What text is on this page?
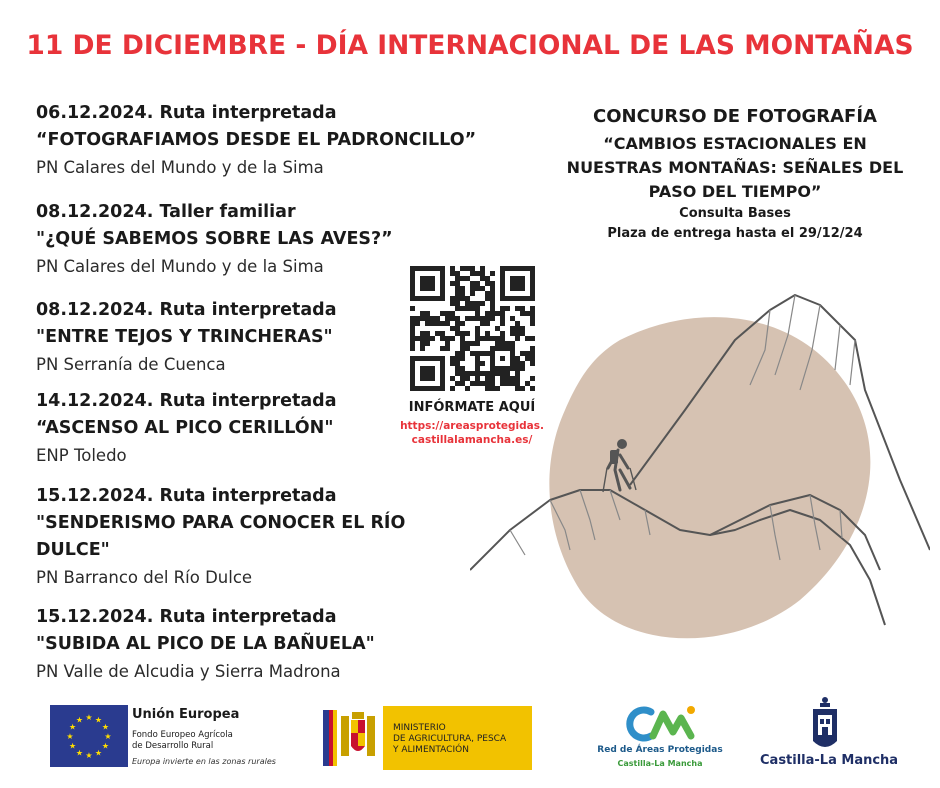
11 DE DICIEMBRE - DÍA INTERNACIONAL DE LAS MONTAÑAS
06.12.2024. Ruta interpretada
“FOTOGRAFIAMOS DESDE EL PADRONCILLO”
PN Calares del Mundo y de la Sima
08.12.2024. Taller familiar
"¿QUÉ SABEMOS SOBRE LAS AVES?”
PN Calares del Mundo y de la Sima
08.12.2024. Ruta interpretada
"ENTRE TEJOS Y TRINCHERAS"
PN Serranía de Cuenca
14.12.2024. Ruta interpretada
“ASCENSO AL PICO CERILLÓN"
ENP Toledo
15.12.2024. Ruta interpretada
"SENDERISMO PARA CONOCER EL RÍO
DULCE"
PN Barranco del Río Dulce
15.12.2024. Ruta interpretada
"SUBIDA AL PICO DE LA BAÑUELA"
PN Valle de Alcudia y Sierra Madrona
CONCURSO DE FOTOGRAFÍA
“CAMBIOS ESTACIONALES EN
NUESTRAS MONTAÑAS: SEÑALES DEL
PASO DEL TIEMPO”
Consulta Bases
Plaza de entrega hasta el 29/12/24
INFÓRMATE AQUÍ
https://areasprotegidas.
castillalamancha.es/
★
★
★
★
★
★
★
★
★ ★ ★
★
Unión Europea
Fondo Europeo Agrícola
de Desarrollo Rural
Europa invierte en las zonas rurales
MINISTERIO
DE AGRICULTURA, PESCA
Y ALIMENTACIÓN	Red de Áreas Protegidas
Castilla-La Mancha	Castilla-La Mancha
